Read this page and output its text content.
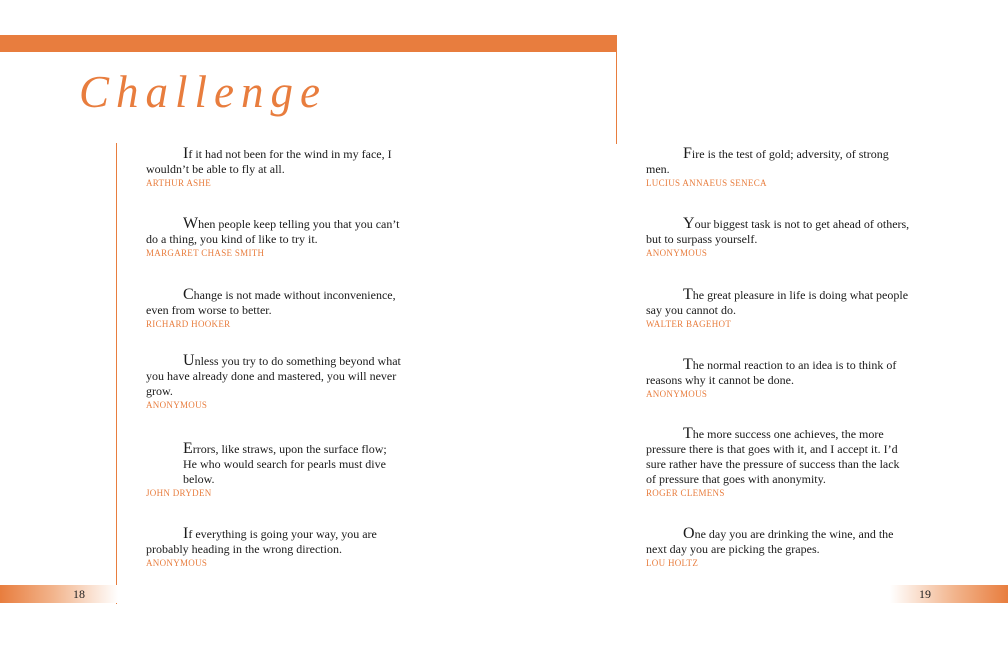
Challenge

If it had not been for the wind in my face, I wouldn’t be able to fly at all.

ARTHUR ASHE

When people keep telling you that you can’t do a thing, you kind of like to try it.

MARGARET CHASE SMITH

Change is not made without inconvenience, even from worse to better.

RICHARD HOOKER

Unless you try to do something beyond what you have already done and mastered, you will never grow.

ANONYMOUS

Errors, like straws, upon the surface flow;

He who would search for pearls must dive

below.

JOHN DRYDEN

If everything is going your way, you are probably heading in the wrong direction.

ANONYMOUS

Fire is the test of gold; adversity, of strong men.

LUCIUS ANNAEUS SENECA

Your biggest task is not to get ahead of others, but to surpass yourself.

ANONYMOUS

The great pleasure in life is doing what people say you cannot do.

WALTER BAGEHOT

The normal reaction to an idea is to think of reasons why it cannot be done.

ANONYMOUS

The more success one achieves, the more pressure there is that goes with it, and I accept it. I’d sure rather have the pressure of success than the lack of pressure that goes with anonymity.

ROGER CLEMENS

One day you are drinking the wine, and the next day you are picking the grapes.

LOU HOLTZ
18	19
